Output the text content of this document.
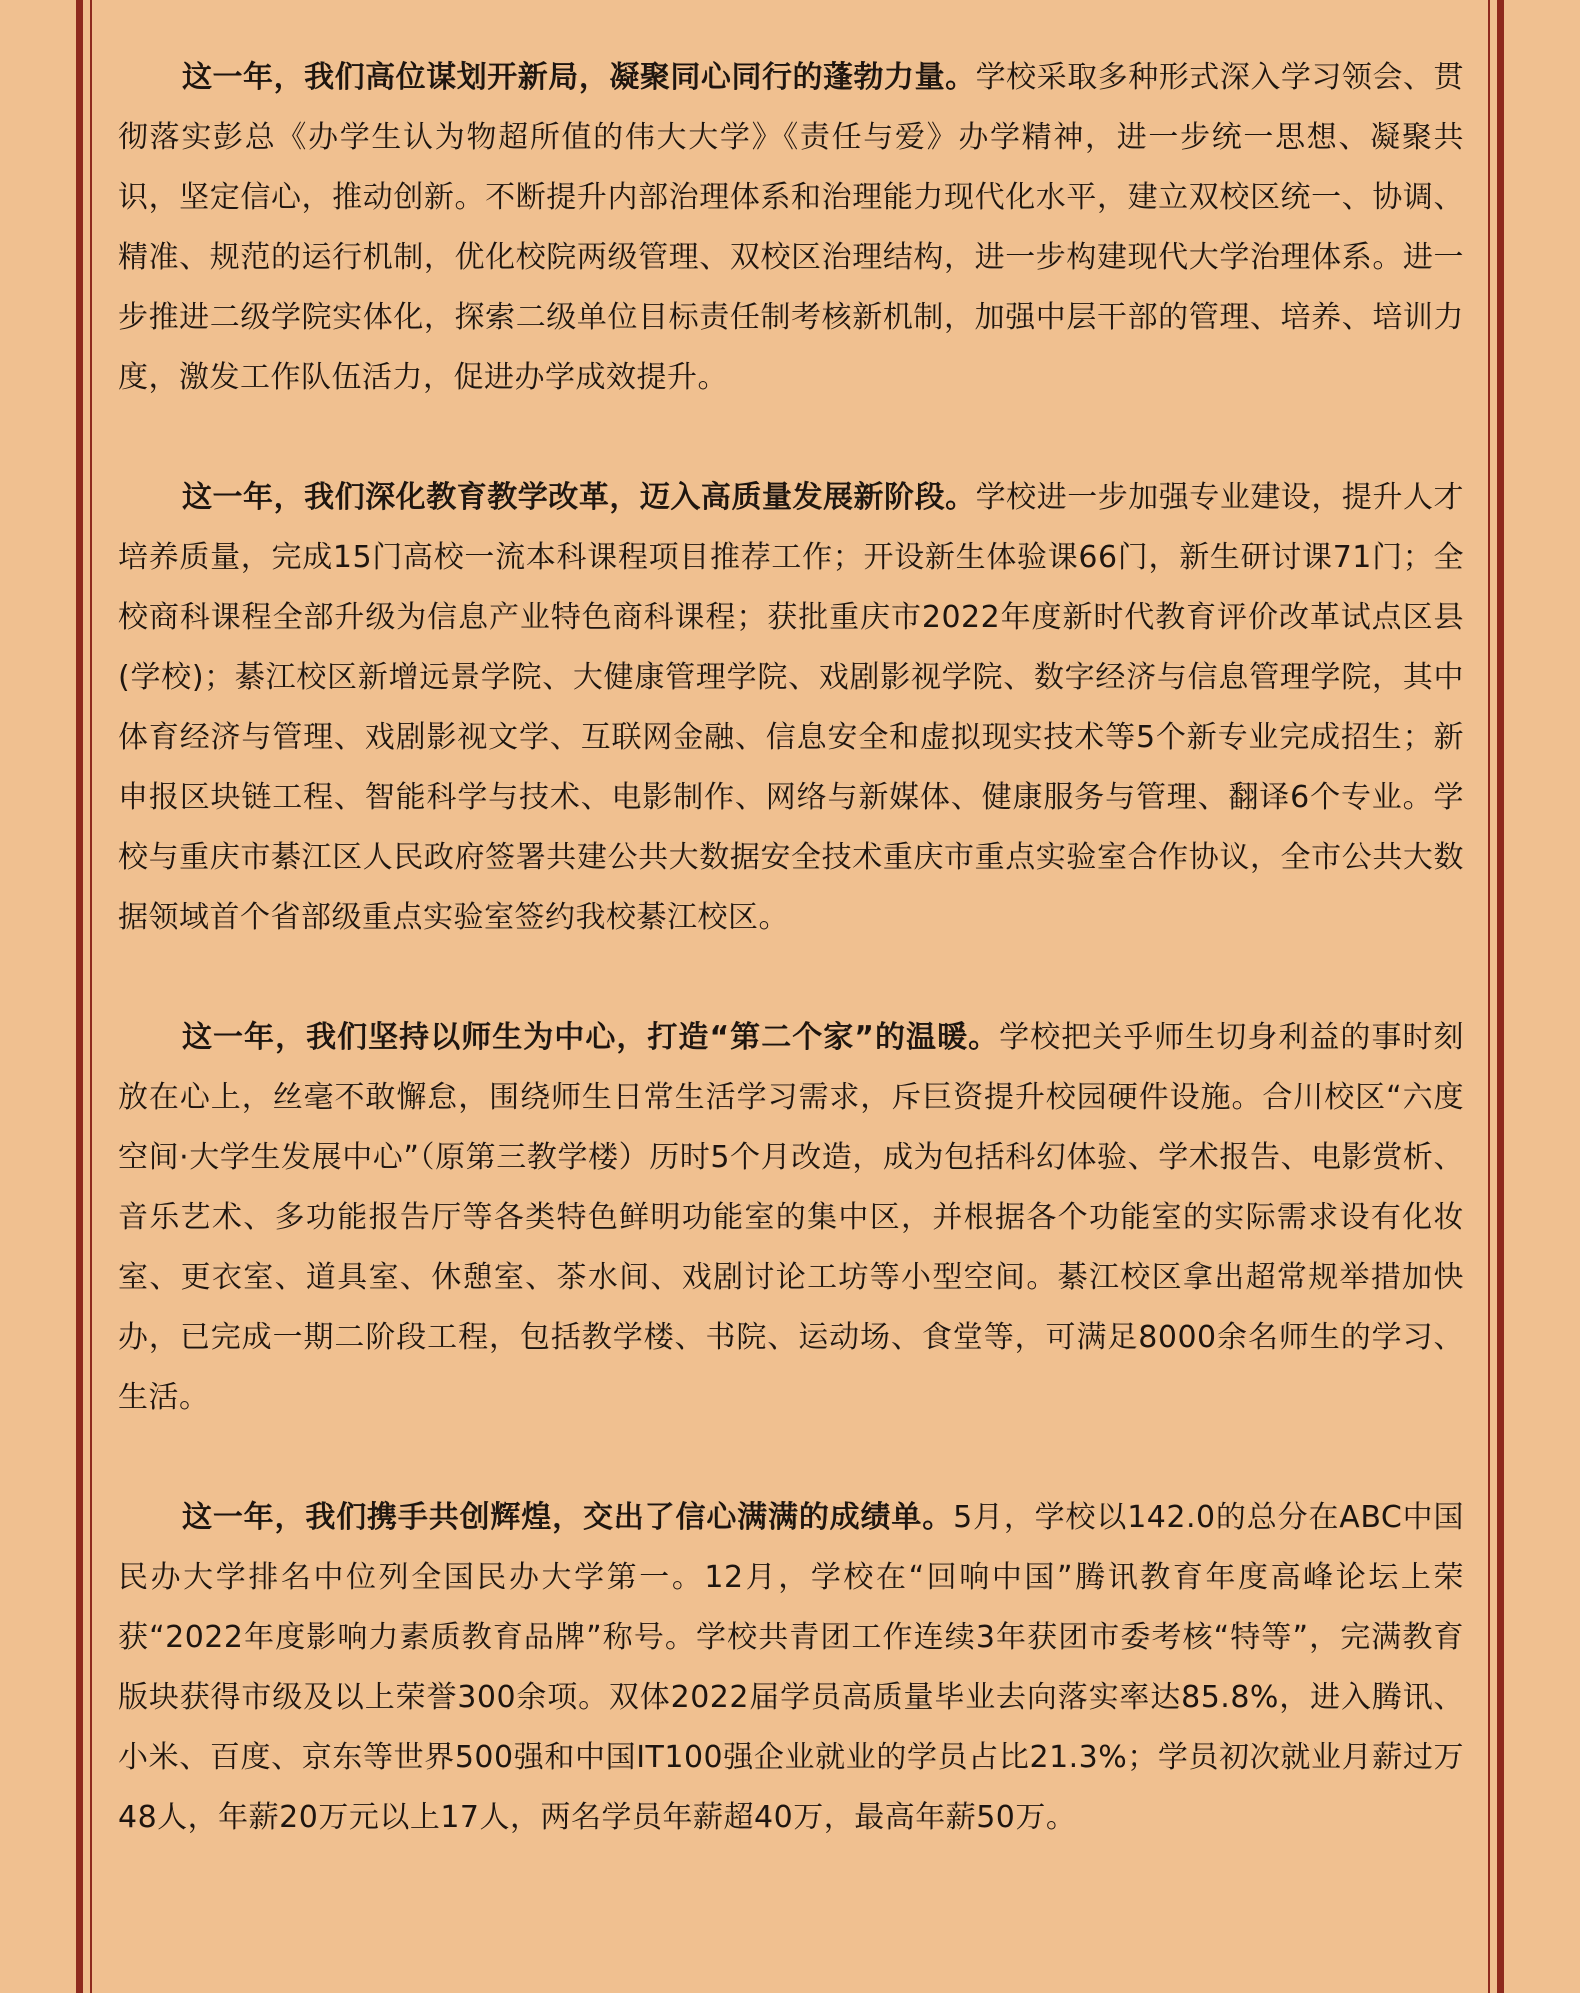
这一年，我们高位谋划开新局，凝聚同心同行的蓬勃力量。学校采取多种形式深入学习领会、贯彻落实彭总《办学生认为物超所值的伟大大学》《责任与爱》办学精神，进一步统一思想、凝聚共识，坚定信心，推动创新。不断提升内部治理体系和治理能力现代化水平，建立双校区统一、协调、精准、规范的运行机制，优化校院两级管理、双校区治理结构，进一步构建现代大学治理体系。进一步推进二级学院实体化，探索二级单位目标责任制考核新机制，加强中层干部的管理、培养、培训力度，激发工作队伍活力，促进办学成效提升。

这一年，我们深化教育教学改革，迈入高质量发展新阶段。学校进一步加强专业建设，提升人才培养质量，完成15门高校一流本科课程项目推荐工作；开设新生体验课66门，新生研讨课71门；全校商科课程全部升级为信息产业特色商科课程；获批重庆市2022年度新时代教育评价改革试点区县(学校)；綦江校区新增远景学院、大健康管理学院、戏剧影视学院、数字经济与信息管理学院，其中体育经济与管理、戏剧影视文学、互联网金融、信息安全和虚拟现实技术等5个新专业完成招生；新申报区块链工程、智能科学与技术、电影制作、网络与新媒体、健康服务与管理、翻译6个专业。学校与重庆市綦江区人民政府签署共建公共大数据安全技术重庆市重点实验室合作协议，全市公共大数据领域首个省部级重点实验室签约我校綦江校区。

这一年，我们坚持以师生为中心，打造“第二个家”的温暖。学校把关乎师生切身利益的事时刻放在心上，丝毫不敢懈怠，围绕师生日常生活学习需求，斥巨资提升校园硬件设施。合川校区“六度空间·大学生发展中心”（原第三教学楼）历时5个月改造，成为包括科幻体验、学术报告、电影赏析、音乐艺术、多功能报告厅等各类特色鲜明功能室的集中区，并根据各个功能室的实际需求设有化妆室、更衣室、道具室、休憩室、茶水间、戏剧讨论工坊等小型空间。綦江校区拿出超常规举措加快办，已完成一期二阶段工程，包括教学楼、书院、运动场、食堂等，可满足8000余名师生的学习、生活。

这一年，我们携手共创辉煌，交出了信心满满的成绩单。5月，学校以142.0的总分在ABC中国民办大学排名中位列全国民办大学第一。12月，学校在“回响中国”腾讯教育年度高峰论坛上荣获“2022年度影响力素质教育品牌”称号。学校共青团工作连续3年获团市委考核“特等”，完满教育版块获得市级及以上荣誉300余项。双体2022届学员高质量毕业去向落实率达85.8%，进入腾讯、小米、百度、京东等世界500强和中国IT100强企业就业的学员占比21.3%；学员初次就业月薪过万48人，年薪20万元以上17人，两名学员年薪超40万，最高年薪50万。
